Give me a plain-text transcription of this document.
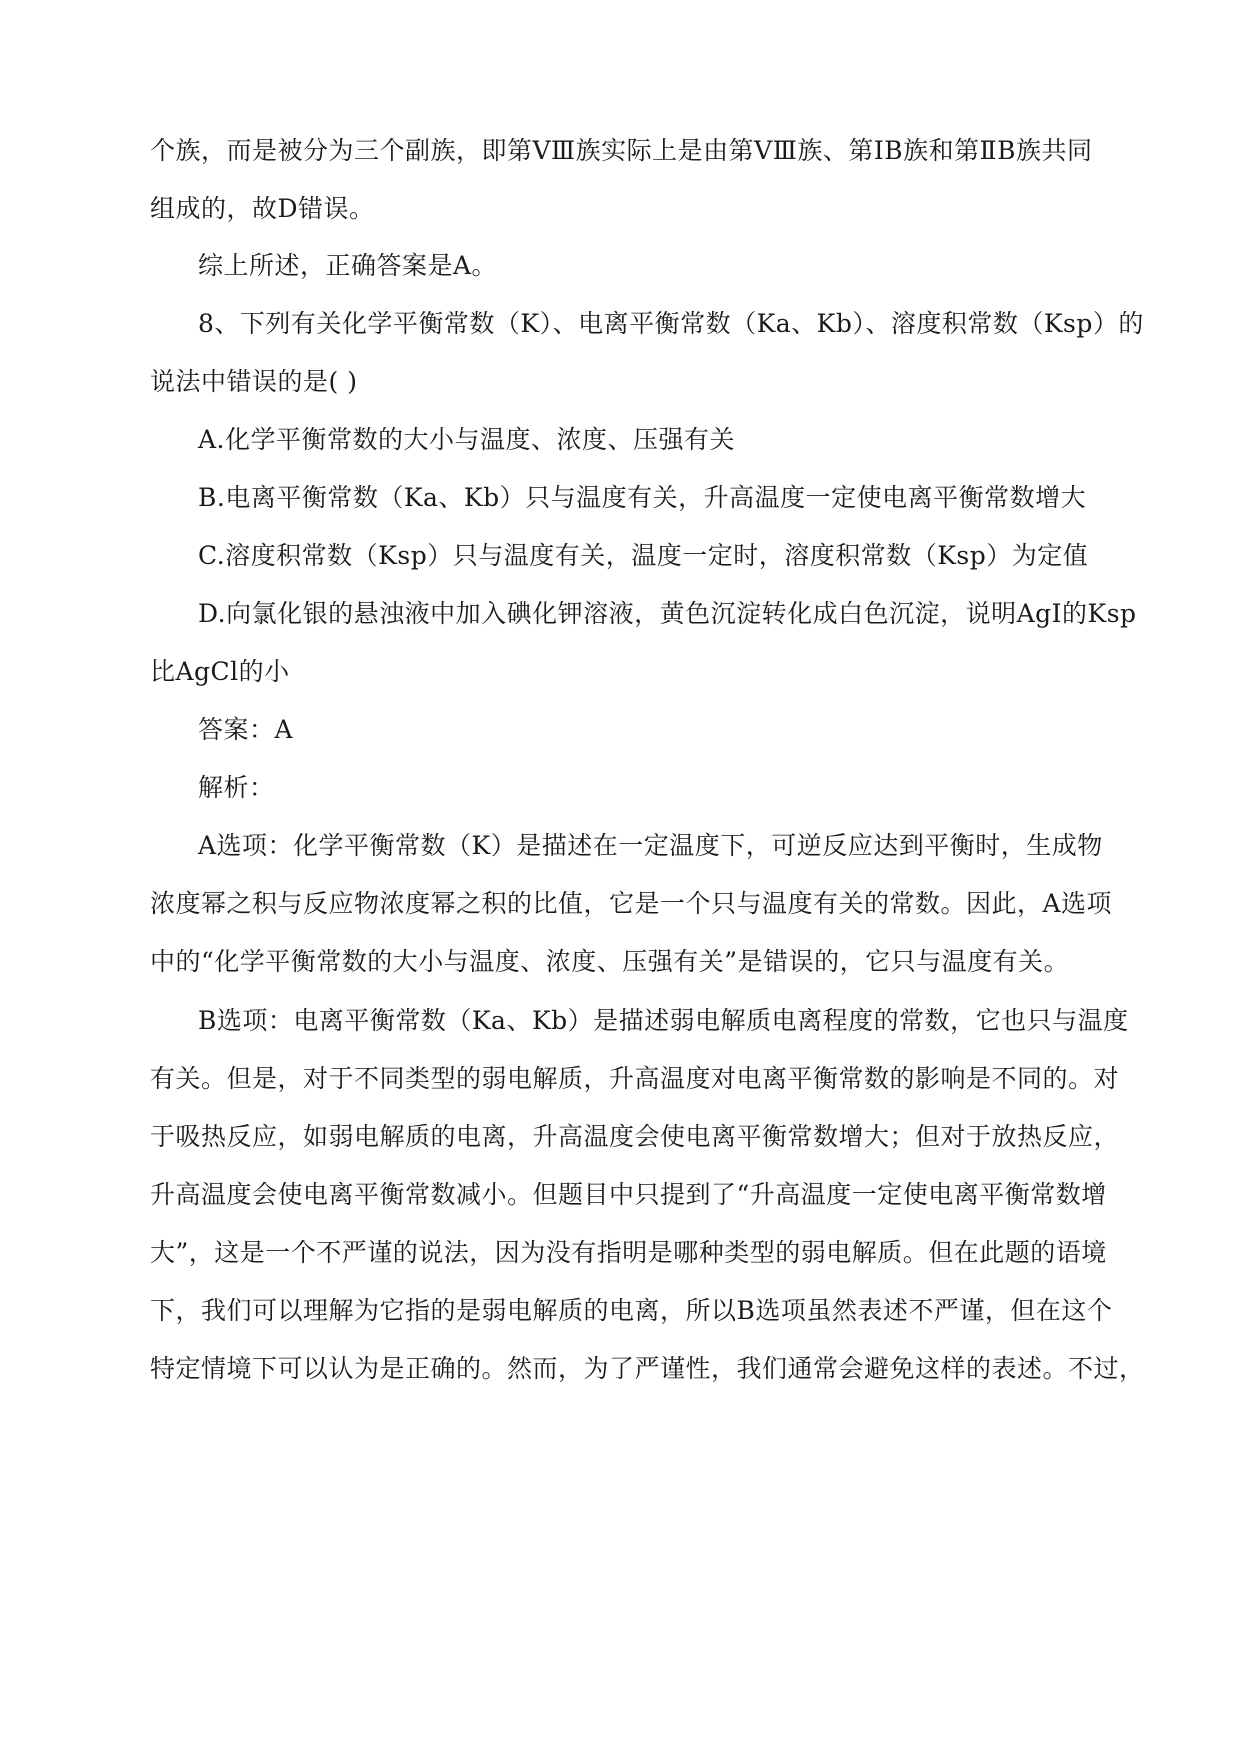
个族，而是被分为三个副族，即第ⅤⅢ族实际上是由第ⅤⅢ族、第ⅠB族和第ⅡB族共同
组成的，故D错误。
综上所述，正确答案是A。
8、下列有关化学平衡常数（K）、电离平衡常数（Ka、Kb）、溶度积常数（Ksp）的
说法中错误的是( )
A.化学平衡常数的大小与温度、浓度、压强有关
B.电离平衡常数（Ka、Kb）只与温度有关，升高温度一定使电离平衡常数增大
C.溶度积常数（Ksp）只与温度有关，温度一定时，溶度积常数（Ksp）为定值
D.向氯化银的悬浊液中加入碘化钾溶液，黄色沉淀转化成白色沉淀，说明AgI的Ksp
比AgCl的小
答案：A
解析：
A选项：化学平衡常数（K）是描述在一定温度下，可逆反应达到平衡时，生成物
浓度幂之积与反应物浓度幂之积的比值，它是一个只与温度有关的常数。因此，A选项
中的“化学平衡常数的大小与温度、浓度、压强有关”是错误的，它只与温度有关。
B选项：电离平衡常数（Ka、Kb）是描述弱电解质电离程度的常数，它也只与温度
有关。但是，对于不同类型的弱电解质，升高温度对电离平衡常数的影响是不同的。对
于吸热反应，如弱电解质的电离，升高温度会使电离平衡常数增大；但对于放热反应，
升高温度会使电离平衡常数减小。但题目中只提到了“升高温度一定使电离平衡常数增
大”，这是一个不严谨的说法，因为没有指明是哪种类型的弱电解质。但在此题的语境
下，我们可以理解为它指的是弱电解质的电离，所以B选项虽然表述不严谨，但在这个
特定情境下可以认为是正确的。然而，为了严谨性，我们通常会避免这样的表述。不过，
